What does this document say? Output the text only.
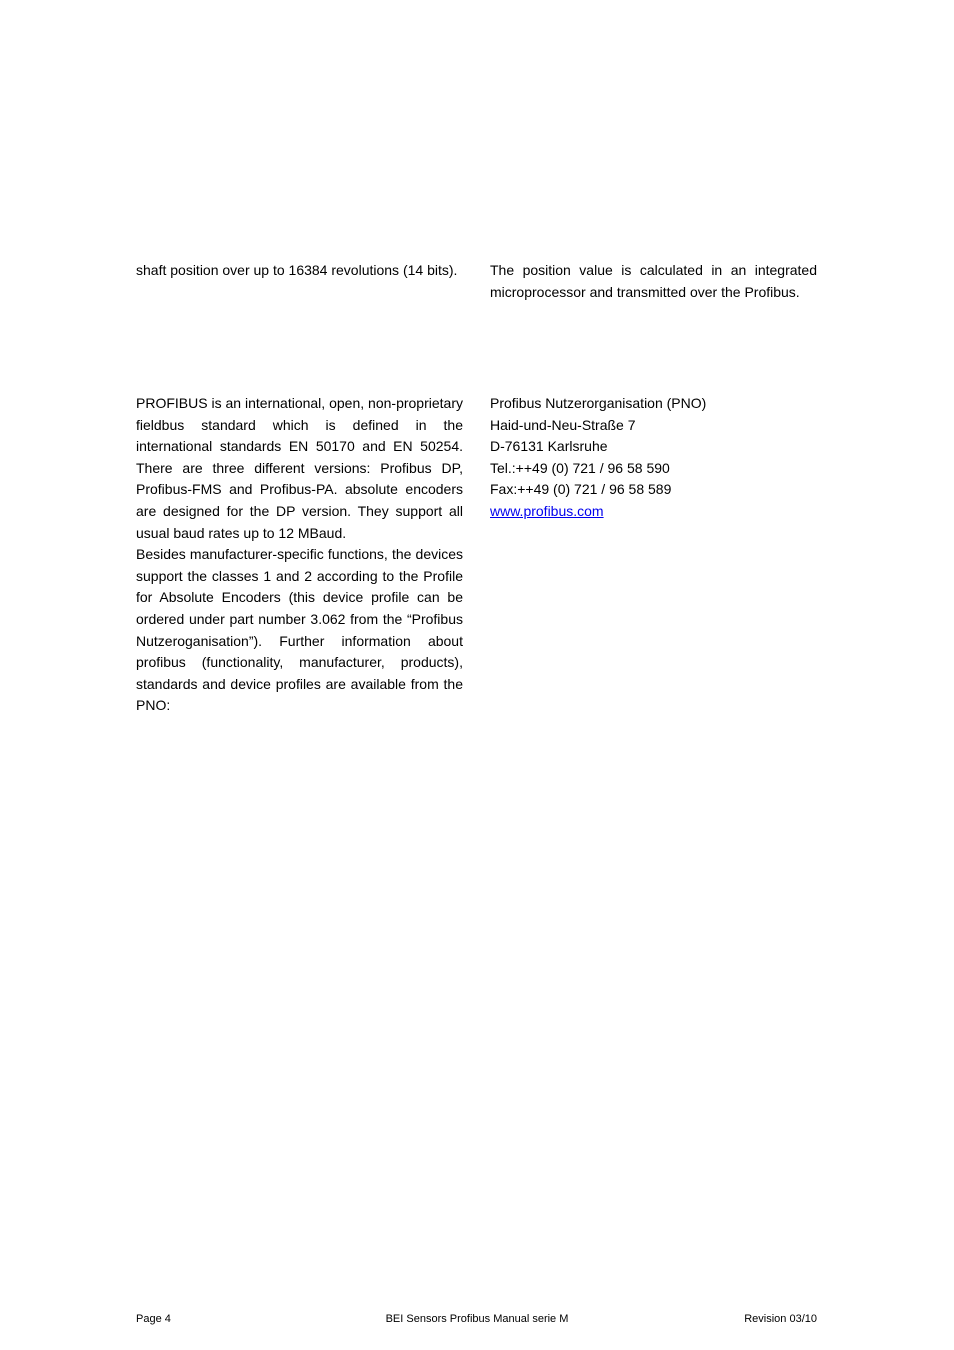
shaft position over up to 16384 revolutions (14 bits).	The position value is calculated in an integrated microprocessor and transmitted over the Profibus.

PROFIBUS is an international, open, non-proprietary fieldbus standard which is defined in the international standards EN 50170 and EN 50254. There are three different versions: Profibus DP, Profibus-FMS and Profibus-PA. absolute encoders are designed for the DP version. They support all usual baud rates up to 12 MBaud.

Besides manufacturer-specific functions, the devices support the classes 1 and 2 according to the Profile for Absolute Encoders (this device profile can be ordered under part number 3.062 from the “Profibus Nutzeroganisation”). Further information about profibus (functionality, manufacturer, products), standards and device profiles are available from the PNO:

Profibus Nutzerorganisation (PNO)
Haid-und-Neu-Straße 7
D-76131 Karlsruhe
Tel.:++49 (0) 721 / 96 58 590
Fax:++49 (0) 721 / 96 58 589
www.profibus.com
Page 4	BEI Sensors Profibus Manual serie M	Revision 03/10
